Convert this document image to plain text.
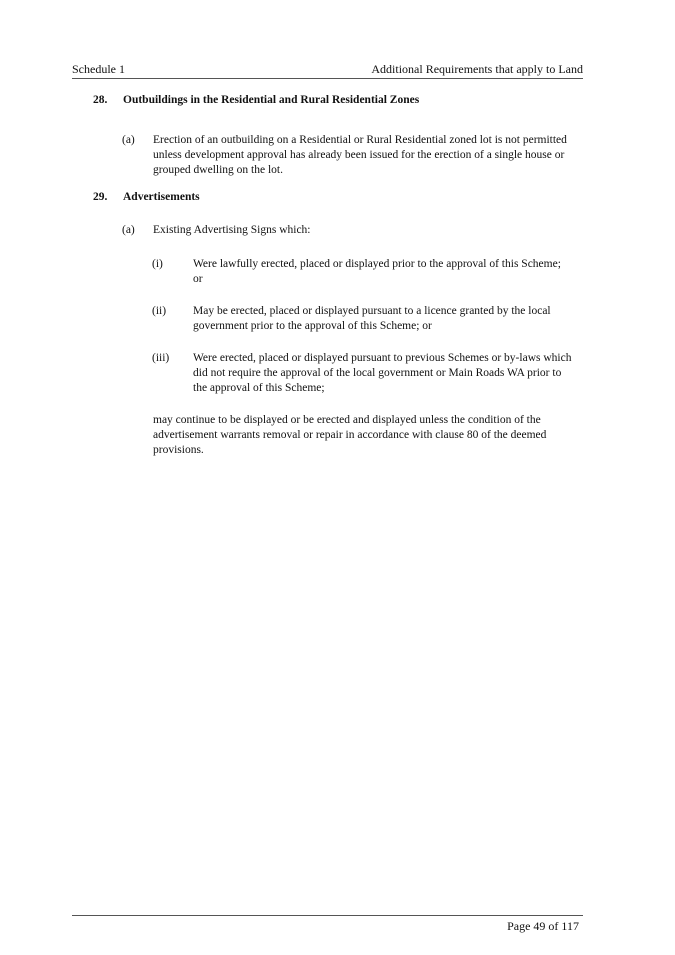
Schedule 1	Additional Requirements that apply to Land
28. Outbuildings in the Residential and Rural Residential Zones
(a) Erection of an outbuilding on a Residential or Rural Residential zoned lot is not permitted unless development approval has already been issued for the erection of a single house or grouped dwelling on the lot.
29. Advertisements
(a) Existing Advertising Signs which:
(i)	Were lawfully erected, placed or displayed prior to the approval of this Scheme; or
(ii) May be erected, placed or displayed pursuant to a licence granted by the local government prior to the approval of this Scheme; or
(iii) Were erected, placed or displayed pursuant to previous Schemes or by-laws which did not require the approval of the local government or Main Roads WA prior to the approval of this Scheme;
may continue to be displayed or be erected and displayed unless the condition of the advertisement warrants removal or repair in accordance with clause 80 of the deemed provisions.
Page 49 of 117
